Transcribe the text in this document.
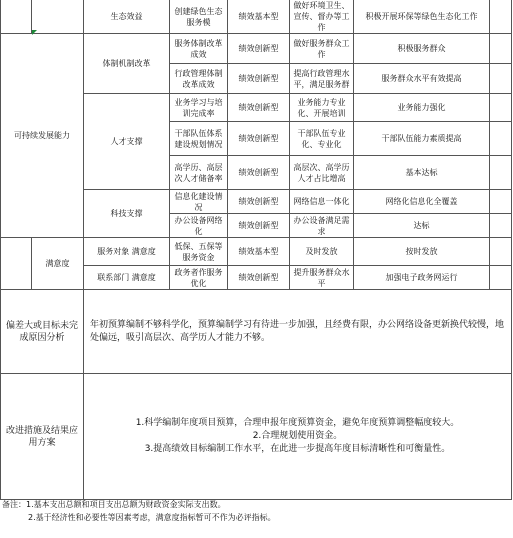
		生态效益	创建绿色生态服务模	绩效基本型	做好环境卫生、宣传、督办等工作	积极开展环保等绿色生态化工作	
可持续发展能力		体制机制改革	服务体制改革成效	绩效创新型	做好服务群众工作	积极服务群众	
			行政管理体制改革成效	绩效创新型	提高行政管理水平，满足服务群	服务群众水平有效提高	
		人才支撑	业务学习与培训完成率	绩效创新型	业务能力专业化、开展培训	业务能力强化	
			干部队伍体系建设规划情况	绩效创新型	干部队伍专业化、专业化	干部队伍能力素质提高	
			高学历、高层次人才储备率	绩效创新型	高层次、高学历人才占比增高	基本达标	
		科技支撑	信息化建设情况	绩效创新型	网络信息一体化	网络化信息化全覆盖	
			办公设备网络化	绩效创新型	办公设备满足需求	达标	
	满意度	服务对象 满意度	低保、五保等服务资金	绩效基本型	及时发放	按时发放	
		联系部门 满意度	政务者作服务优化	绩效创新型	提升服务群众水平	加强电子政务网运行	
偏差大或目标未完成原因分析		年初预算编制不够科学化，预算编制学习有待进一步加强，且经费有限，办公网络设备更新换代较慢，地处偏远，吸引高层次、高学历人才能力不够。					
改进措施及结果应用方案		1.科学编制年度项目预算，合理申报年度预算资金，避免年度预算调整幅度较大。
2.合理规划使用资金。
3.提高绩效目标编制工作水平，在此进一步提高年度目标清晰性和可衡量性。					
备注：1.基本支出总额和项目支出总额为财政资金实际支出数。
2.基于经济性和必要性等因素考虑，满意度指标暂可不作为必评指标。
